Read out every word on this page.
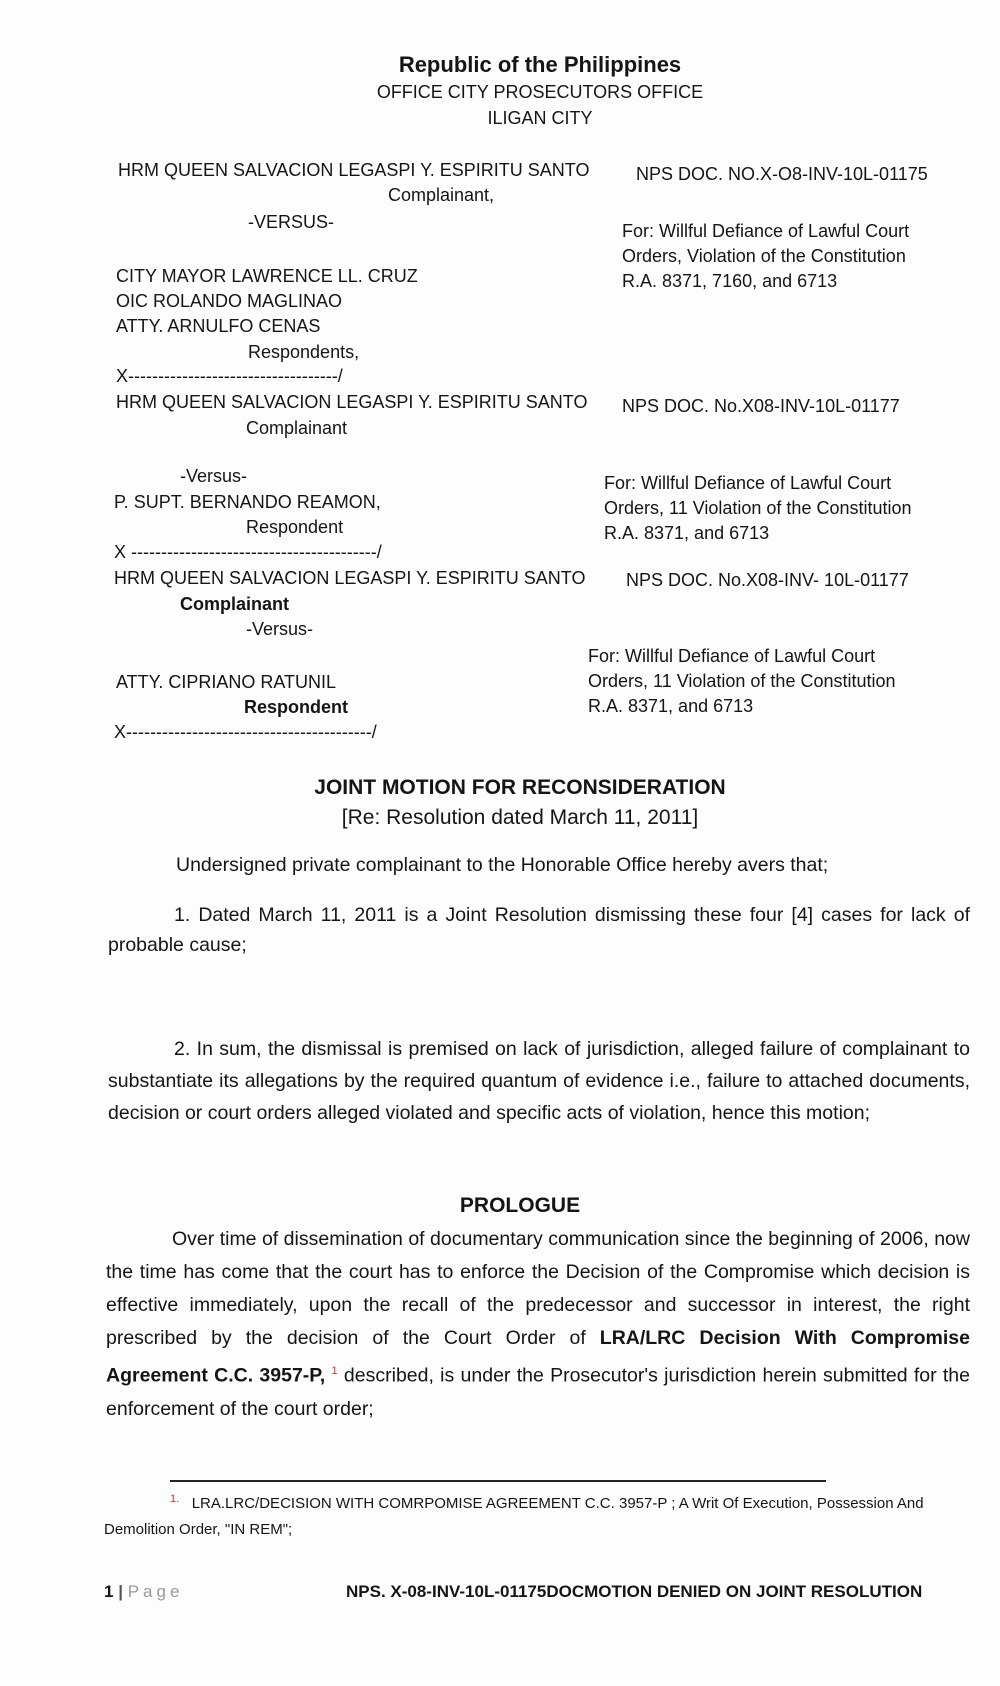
Republic of the Philippines
OFFICE CITY PROSECUTORS OFFICE
ILIGAN CITY
HRM QUEEN SALVACION LEGASPI Y. ESPIRITU SANTO
Complainant,
-VERSUS-
CITY MAYOR LAWRENCE LL. CRUZ
OIC ROLANDO MAGLINAO
ATTY. ARNULFO CENAS
Respondents,
X-----------------------------------/
NPS DOC. NO.X-O8-INV-10L-01175
For: Willful Defiance of Lawful Court
Orders, Violation of the Constitution
R.A. 8371, 7160, and 6713
HRM QUEEN SALVACION LEGASPI Y. ESPIRITU SANTO
Complainant
-Versus-
P. SUPT. BERNANDO REAMON,
Respondent
X -----------------------------------------/
NPS DOC. No.X08-INV-10L-01177
For: Willful Defiance of Lawful Court
Orders, 11 Violation of the Constitution
R.A. 8371, and 6713
HRM QUEEN SALVACION LEGASPI Y. ESPIRITU SANTO
Complainant
-Versus-
ATTY. CIPRIANO RATUNIL
Respondent
X-----------------------------------------/
NPS DOC. No.X08-INV- 10L-01177
For: Willful Defiance of Lawful Court
Orders, 11 Violation of the Constitution
R.A. 8371, and 6713
JOINT MOTION FOR RECONSIDERATION
[Re: Resolution dated March 11, 2011]
Undersigned private complainant to the Honorable Office hereby avers that;
1. Dated March 11, 2011 is a Joint Resolution dismissing these four [4] cases for lack of probable cause;
2. In sum, the dismissal is premised on lack of jurisdiction, alleged failure of complainant to substantiate its allegations by the required quantum of evidence i.e., failure to attached documents, decision or court orders alleged violated and specific acts of violation, hence this motion;
PROLOGUE
Over time of dissemination of documentary communication since the beginning of 2006, now the time has come that the court has to enforce the Decision of the Compromise which decision is effective immediately, upon the recall of the predecessor and successor in interest, the right prescribed by the decision of the Court Order of LRA/LRC Decision With Compromise Agreement C.C. 3957-P, $^1$ described, is under the Prosecutor's jurisdiction herein submitted for the enforcement of the court order;
$^{1.}$ LRA.LRC/DECISION WITH COMRPOMISE AGREEMENT C.C. 3957-P ; A Writ Of Execution, Possession And Demolition Order, "IN REM";
1 | Page	NPS. X-08-INV-10L-01175DOCMOTION DENIED ON JOINT RESOLUTION
